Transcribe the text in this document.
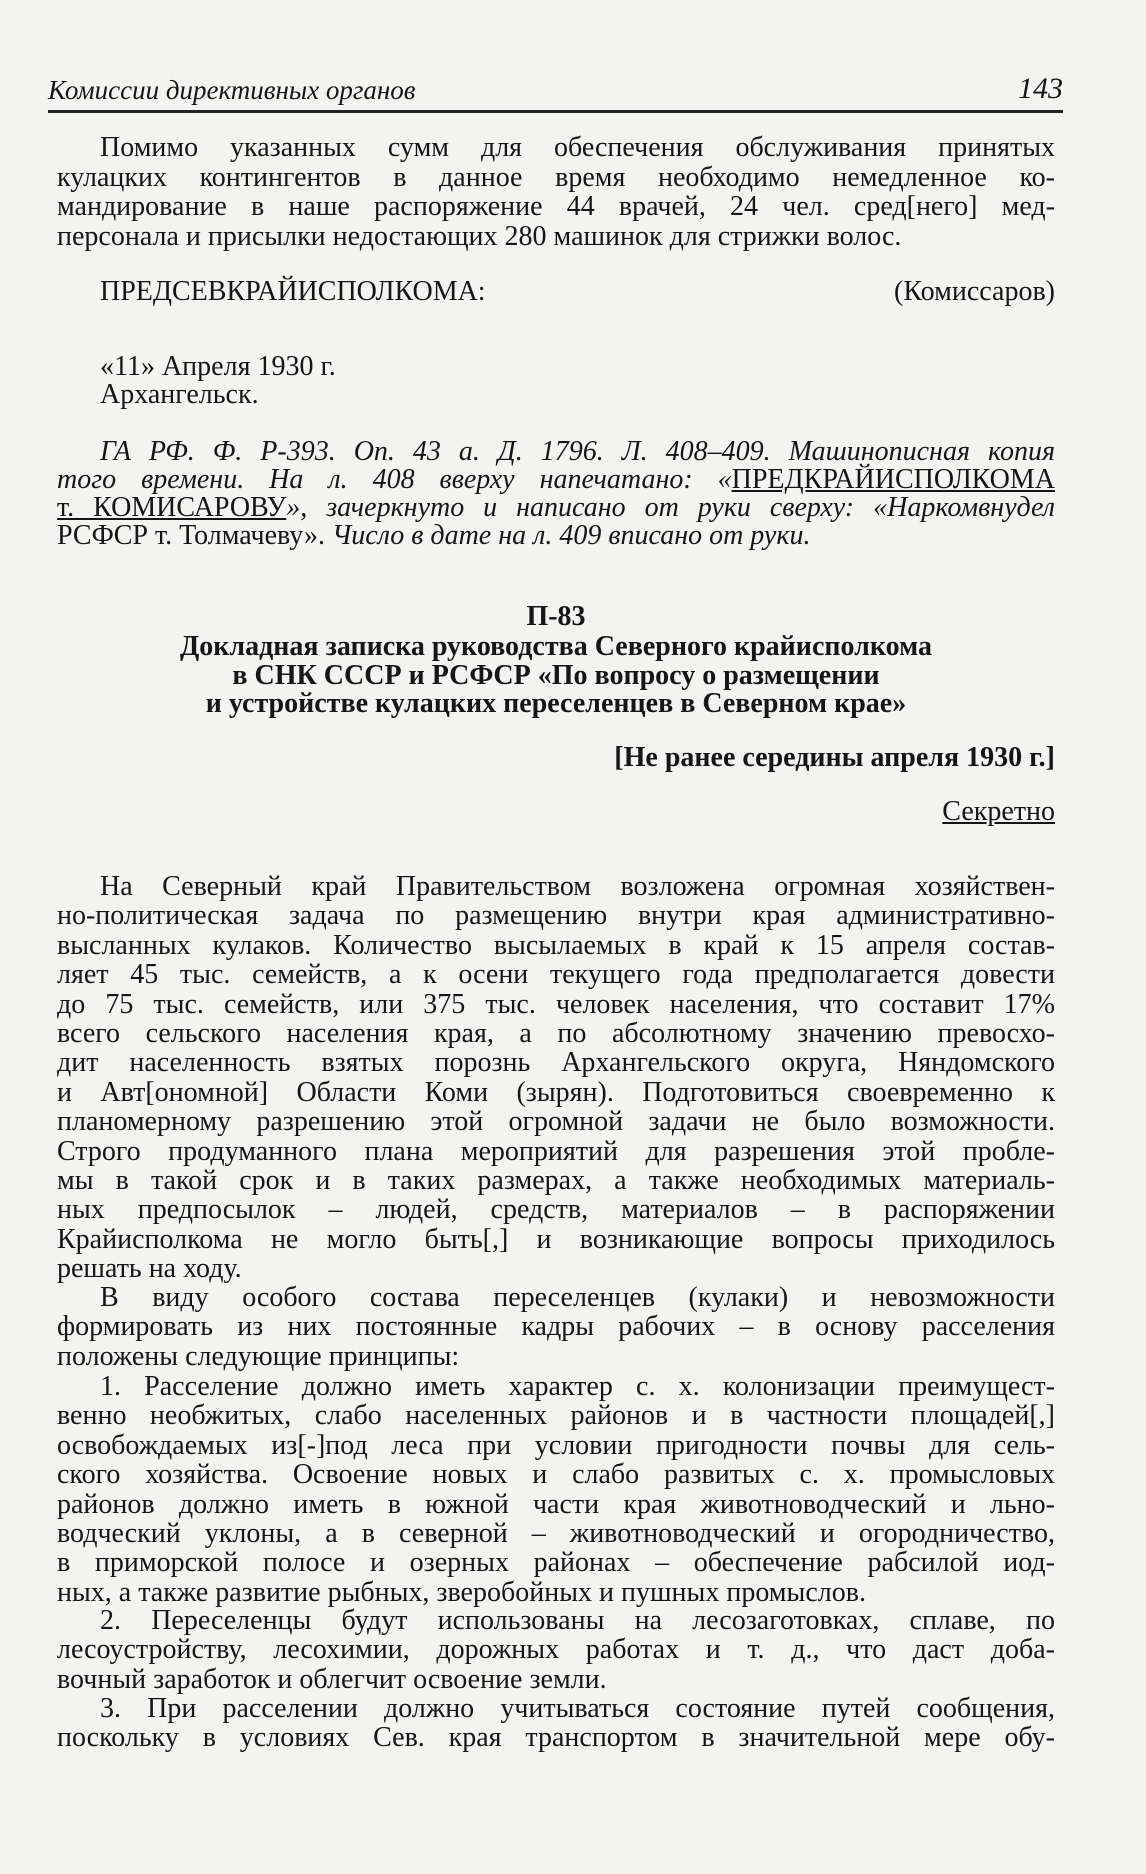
Комиссии директивных органов	143
Помимо указанных сумм для обеспечения обслуживания принятых
кулацких контингентов в данное время необходимо немедленное ко-
мандирование в наше распоряжение 44 врачей, 24 чел. сред[него] мед-
персонала и присылки недостающих 280 машинок для стрижки волос.
На Северный край Правительством возложена огромная хозяйствен-
но-политическая задача по размещению внутри края административно-
высланных кулаков. Количество высылаемых в край к 15 апреля состав-
ляет 45 тыс. семейств, а к осени текущего года предполагается довести
до 75 тыс. семейств, или 375 тыс. человек населения, что составит 17%
всего сельского населения края, а по абсолютному значению превосхо-
дит населенность взятых порознь Архангельского округа, Няндомского
и Авт[ономной] Области Коми (зырян). Подготовиться своевременно к
планомерному разрешению этой огромной задачи не было возможности.
Строго продуманного плана мероприятий для разрешения этой пробле-
мы в такой срок и в таких размерах, а также необходимых материаль-
ных предпосылок – людей, средств, материалов – в распоряжении
Крайисполкома не могло быть[,] и возникающие вопросы приходилось
решать на ходу.
В виду особого состава переселенцев (кулаки) и невозможности
формировать из них постоянные кадры рабочих – в основу расселения
положены следующие принципы:
1. Расселение должно иметь характер с. х. колонизации преимущест-
венно необжитых, слабо населенных районов и в частности площадей[,]
освобождаемых из[-]под леса при условии пригодности почвы для сель-
ского хозяйства. Освоение новых и слабо развитых с. х. промысловых
районов должно иметь в южной части края животноводческий и льно-
водческий уклоны, а в северной – животноводческий и огородничество,
в приморской полосе и озерных районах – обеспечение рабсилой иод-
ных, а также развитие рыбных, зверобойных и пушных промыслов.
2. Переселенцы будут использованы на лесозаготовках, сплаве, по
лесоустройству, лесохимии, дорожных работах и т. д., что даст доба-
вочный заработок и облегчит освоение земли.
3. При расселении должно учитываться состояние путей сообщения,
поскольку в условиях Сев. края транспортом в значительной мере обу-
ПРЕДСЕВКРАЙИСПОЛКОМА:	(Комиссаров)
«11» Апреля 1930 г.
Архангельск.
ГА РФ. Ф. Р-393. Оп. 43 а. Д. 1796. Л. 408–409. Машинописная копия
того времени. На л. 408 вверху напечатано: «ПРЕДКРАЙИСПОЛКОМА
т. КОМИСАРОВУ», зачеркнуто и написано от руки сверху: «Наркомвнудел
РСФСР т. Толмачеву». Число в дате на л. 409 вписано от руки.
П-83
Докладная записка руководства Северного крайисполкома
в СНК СССР и РСФСР «По вопросу о размещении
и устройстве кулацких переселенцев в Северном крае»
[Не ранее середины апреля 1930 г.]
Секретно
